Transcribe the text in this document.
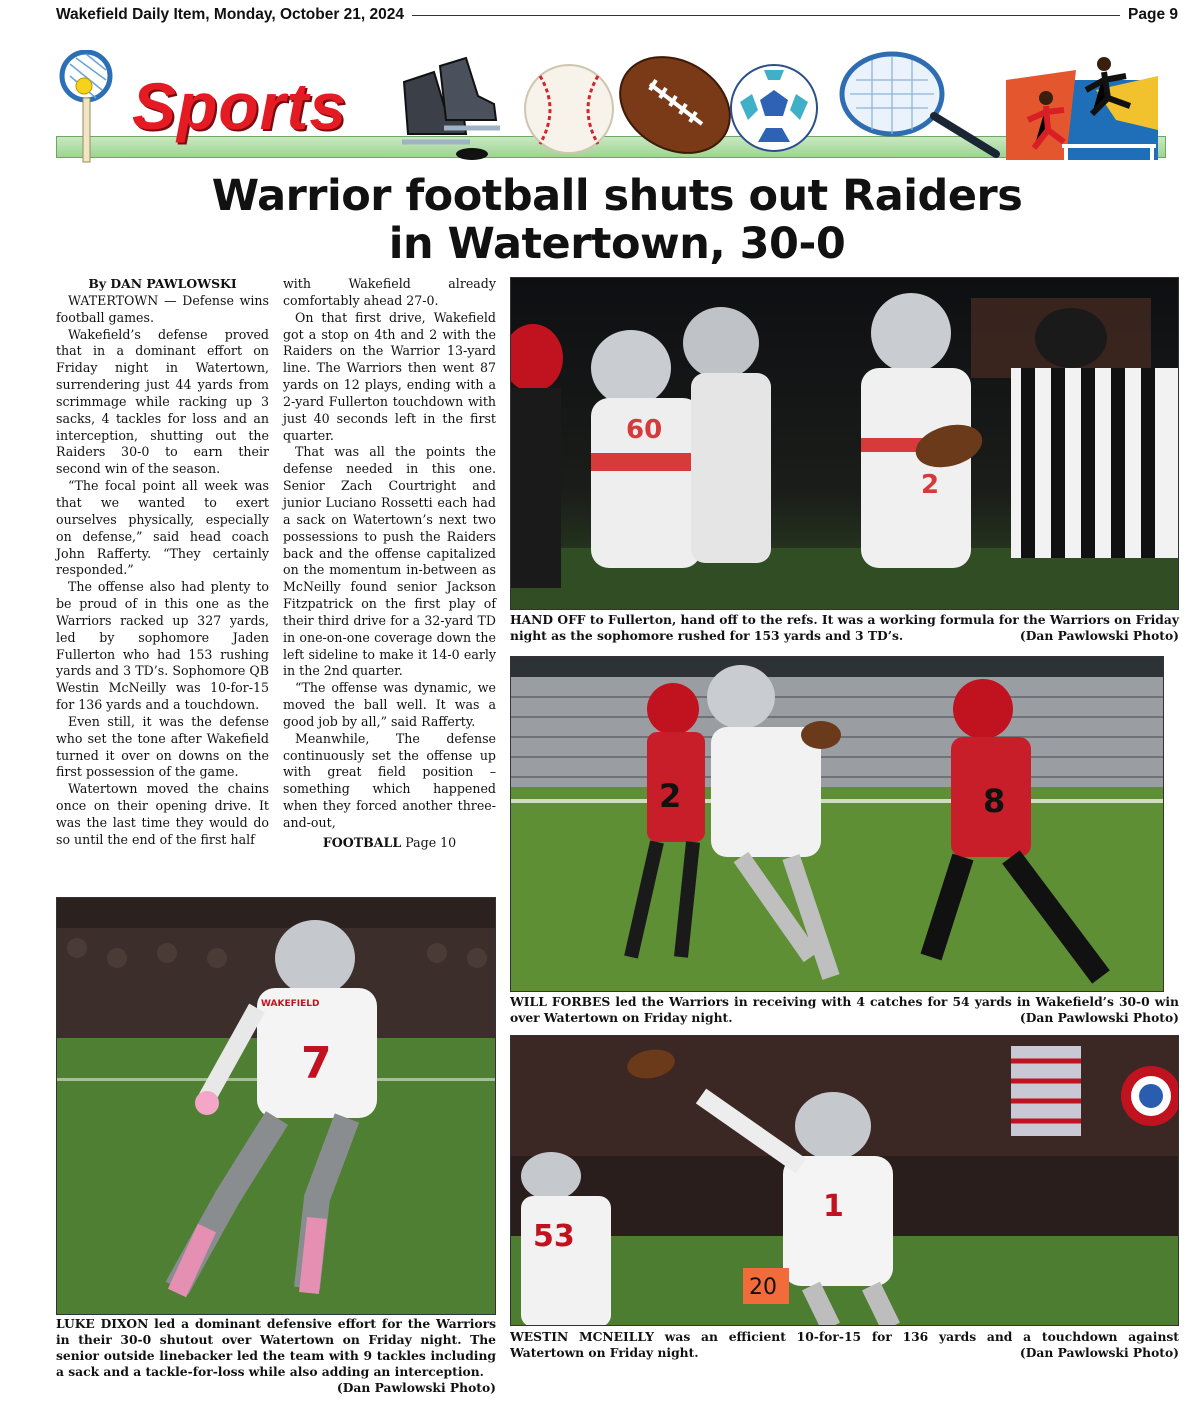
Wakefield Daily Item, Monday, October 21, 2024	Page 9
Sports
Warrior football shuts out Raiders
in Watertown, 30-0

By DAN PAWLOWSKI

WATERTOWN — Defense wins football games.

Wakefield’s defense proved that in a dominant effort on Friday night in Watertown, surrendering just 44 yards from scrimmage while racking up 3 sacks, 4 tackles for loss and an interception, shutting out the Raiders 30-0 to earn their second win of the season.

“The focal point all week was that we wanted to exert ourselves physically, especially on defense,” said head coach John Rafferty. “They certainly responded.”

The offense also had plenty to be proud of in this one as the Warriors racked up 327 yards, led by sophomore Jaden Fullerton who had 153 rushing yards and 3 TD’s. Sophomore QB Westin McNeilly was 10-for-15 for 136 yards and a touchdown.

Even still, it was the defense who set the tone after Wakefield turned it over on downs on the first possession of the game.

Watertown moved the chains once on their opening drive. It was the last time they would do so until the end of the first half

with Wakefield already comfortably ahead 27-0.

On that first drive, Wakefield got a stop on 4th and 2 with the Raiders on the Warrior 13-yard line. The Warriors then went 87 yards on 12 plays, ending with a 2-yard Fullerton touchdown with just 40 seconds left in the first quarter.

That was all the points the defense needed in this one. Senior Zach Courtright and junior Luciano Rossetti each had a sack on Watertown’s next two possessions to push the Raiders back and the offense capitalized on the momentum in-between as McNeilly found senior Jackson Fitzpatrick on the first play of their third drive for a 32-yard TD in one-on-one coverage down the left sideline to make it 14-0 early in the 2nd quarter.

“The offense was dynamic, we moved the ball well. It was a good job by all,” said Rafferty.

Meanwhile, The defense continuously set the offense up with great field position –something which happened when they forced another three-and-out,

FOOTBALL Page 10

60
2
HAND OFF to Fullerton, hand off to the refs. It was a working formula for the Warriors on Friday night as the sophomore rushed for 153 yards and 3 TD’s.	(Dan Pawlowski Photo)
2	8
WILL FORBES led the Warriors in receiving with 4 catches for 54 yards in Wakefield’s 30-0 win over Watertown on Friday night.	(Dan Pawlowski Photo)
WAKEFIELD
7
LUKE DIXON led a dominant defensive effort for the Warriors in their 30-0 shutout over Watertown on Friday night. The senior outside linebacker led the team with 9 tackles including a sack and a tackle-for-loss while also adding an interception.
(Dan Pawlowski Photo)
53
1
20
WESTIN MCNEILLY was an efficient 10-for-15 for 136 yards and a touchdown against Watertown on Friday night.	(Dan Pawlowski Photo)
